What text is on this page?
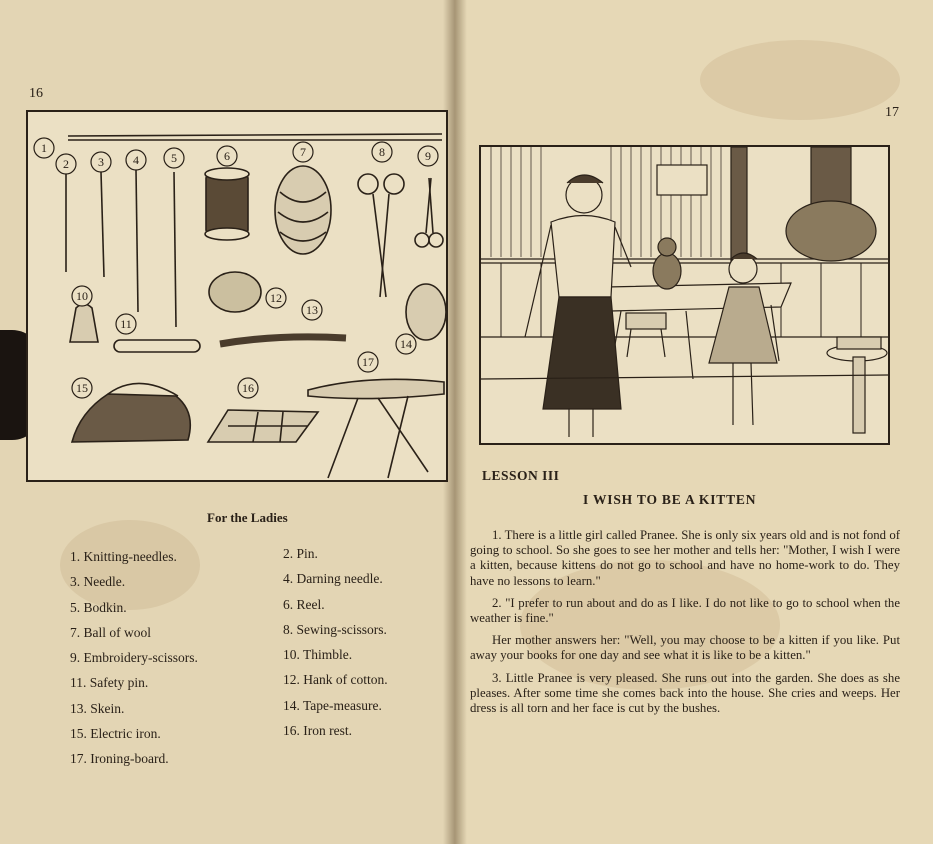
16
17
1
2 3 4	5	6	7	8	9
10
11
12
13
14
15	16
17
For the Ladies
1. Knitting-needles.
3. Needle.
5. Bodkin.
7. Ball of wool
9. Embroidery-scissors.
11. Safety pin.
13. Skein.
15. Electric iron.
17. Ironing-board.
2. Pin.
4. Darning needle.
6. Reel.
8. Sewing-scissors.
10. Thimble.
12. Hank of cotton.
14. Tape-measure.
16. Iron rest.
LESSON III
I WISH TO BE A KITTEN

1. There is a little girl called Pranee. She is only six years old and is not fond of going to school. So she goes to see her mother and tells her: "Mother, I wish I were a kitten, because kittens do not go to school and have no home-work to do. They have no lessons to learn."

2. "I prefer to run about and do as I like. I do not like to go to school when the weather is fine."

Her mother answers her: "Well, you may choose to be a kitten if you like. Put away your books for one day and see what it is like to be a kitten."

3. Little Pranee is very pleased. She runs out into the garden. She does as she pleases. After some time she comes back into the house. She cries and weeps. Her dress is all torn and her face is cut by the bushes.
